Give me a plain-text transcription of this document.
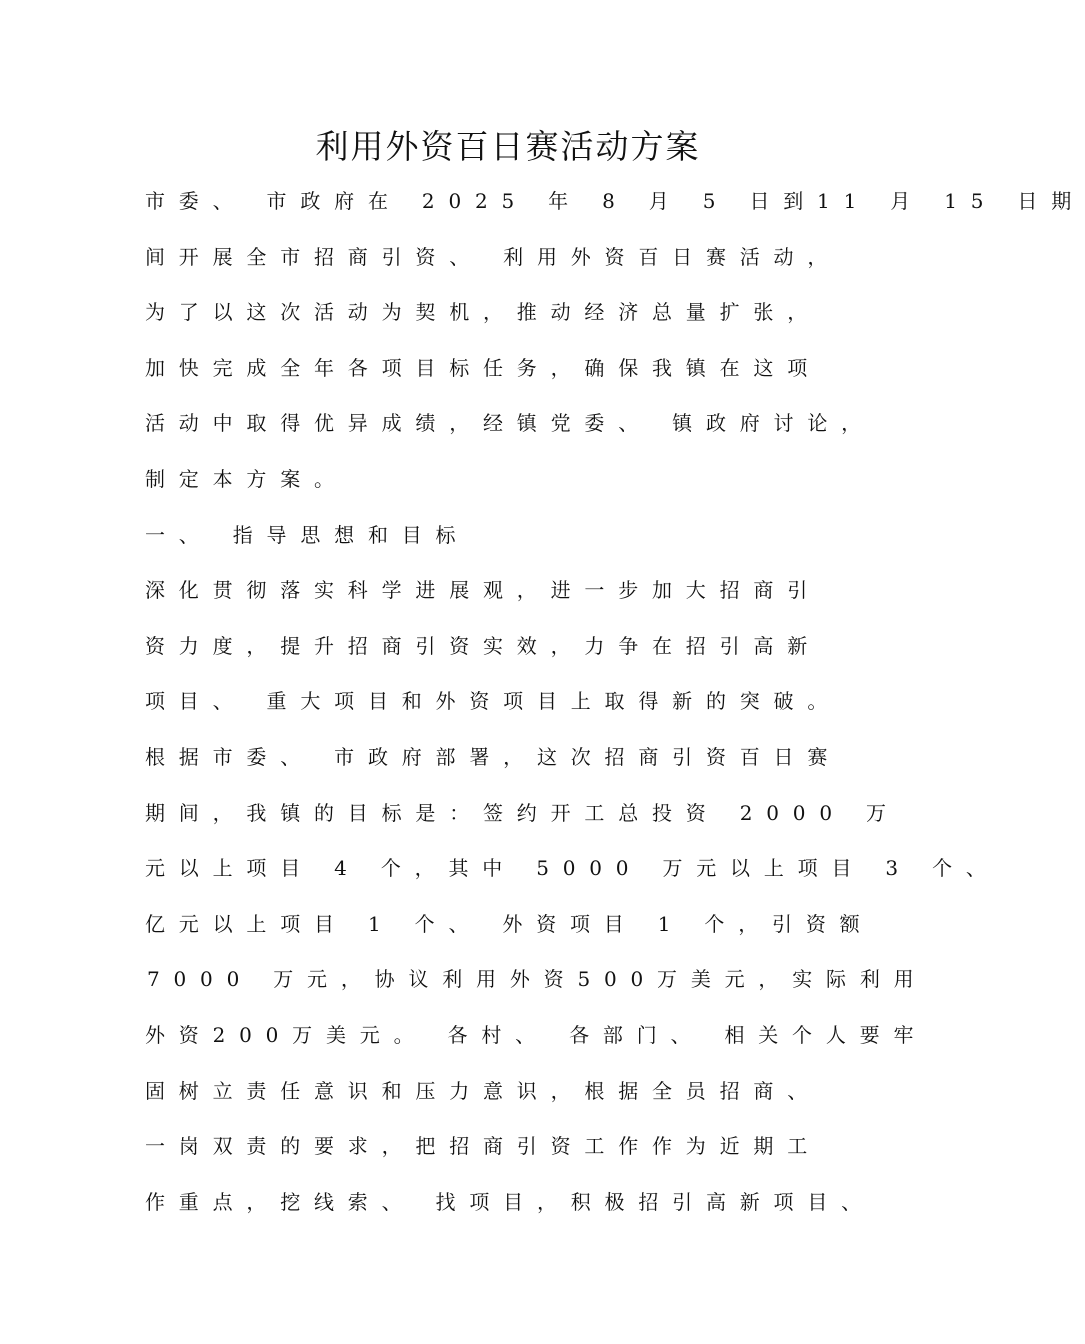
利用外资百日赛活动方案
市委、 市政府在 2025 年 8 月 5 日到11 月 15 日期
间开展全市招商引资、 利用外资百日赛活动，
为了以这次活动为契机，推动经济总量扩张，
加快完成全年各项目标任务，确保我镇在这项
活动中取得优异成绩，经镇党委、 镇政府讨论，
制定本方案。
一、 指导思想和目标
深化贯彻落实科学进展观，进一步加大招商引
资力度，提升招商引资实效，力争在招引高新
项目、 重大项目和外资项目上取得新的突破。
根据市委、 市政府部署，这次招商引资百日赛
期间，我镇的目标是：签约开工总投资 2000 万
元以上项目 4 个，其中 5000 万元以上项目 3 个、
亿元以上项目 1 个、 外资项目 1 个，引资额
7000 万元，协议利用外资500万美元，实际利用
外资200万美元。 各村、 各部门、 相关个人要牢
固树立责任意识和压力意识，根据全员招商、
一岗双责的要求，把招商引资工作作为近期工
作重点，挖线索、 找项目，积极招引高新项目、
